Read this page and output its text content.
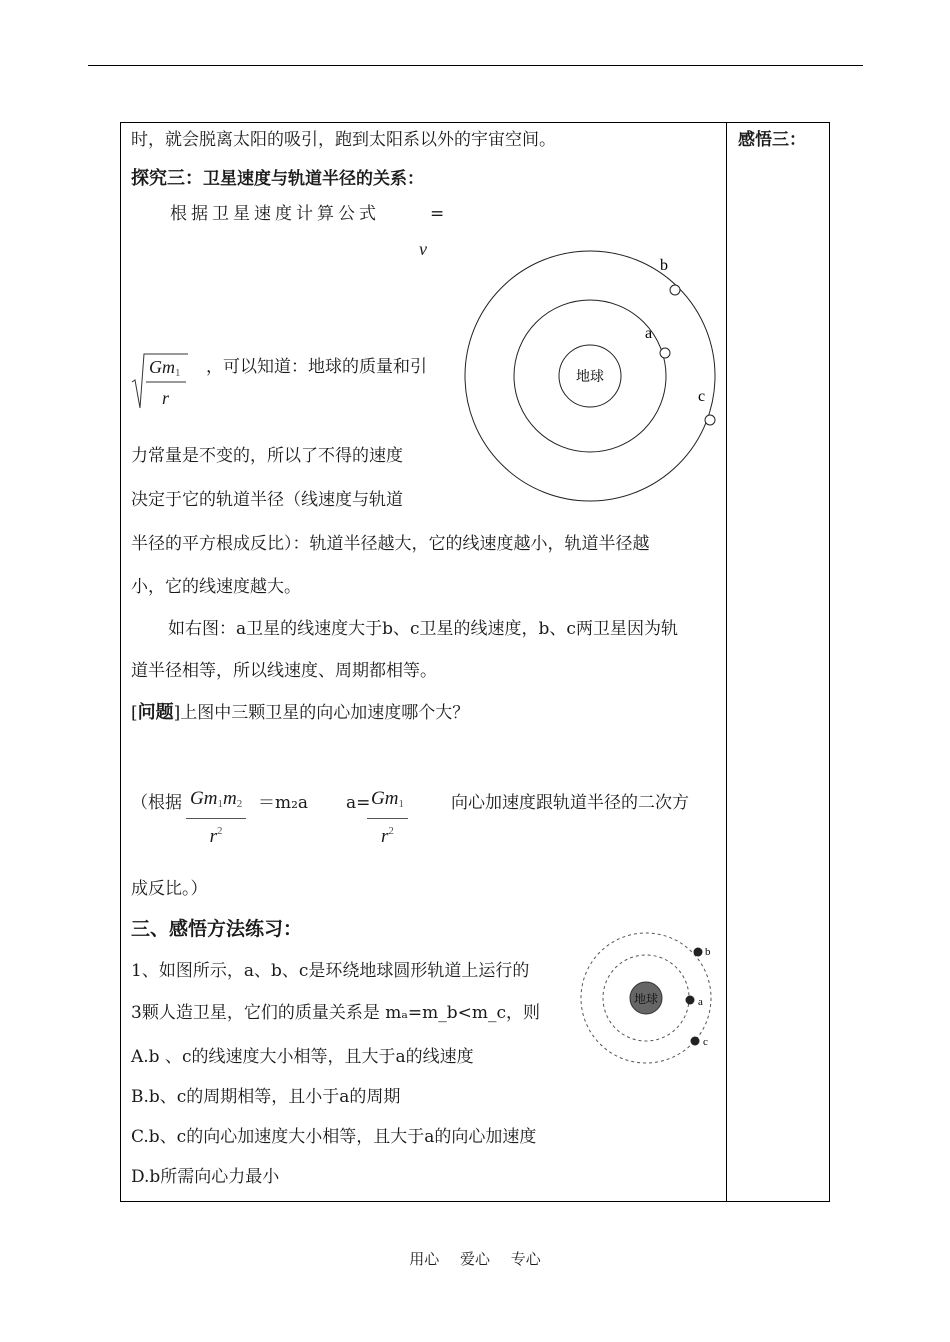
感悟三：
时，就会脱离太阳的吸引，跑到太阳系以外的宇宙空间。
探究三：卫星速度与轨道半径的关系：
根据卫星速度计算公式	=
v
$Gm_1$
r
，可以知道：地球的质量和引
力常量是不变的，所以了不得的速度
决定于它的轨道半径（线速度与轨道
半径的平方根成反比）：轨道半径越大，它的线速度越小，轨道半径越
小，它的线速度越大。
如右图：a卫星的线速度大于b、c卫星的线速度，b、c两卫星因为轨
道半径相等，所以线速度、周期都相等。
[问题]上图中三颗卫星的向心加速度哪个大？
（根据 $\frac{Gm_1m_2}{r^2} =m_2a$ a=
$\frac{Gm_1}{r^2}$	向心加速度跟轨道半径的二次方
成反比。）
三、感悟方法练习：
1、如图所示，a、b、c是环绕地球圆形轨道上运行的
3颗人造卫星，它们的质量关系是 mₐ=m_b<m_c，则
A.b 、c的线速度大小相等，且大于a的线速度
B.b、c的周期相等，且小于a的周期
C.b、c的向心加速度大小相等，且大于a的向心加速度
D.b所需向心力最小
地球
a
b
c
地球	a
b
c
用心 爱心 专心
